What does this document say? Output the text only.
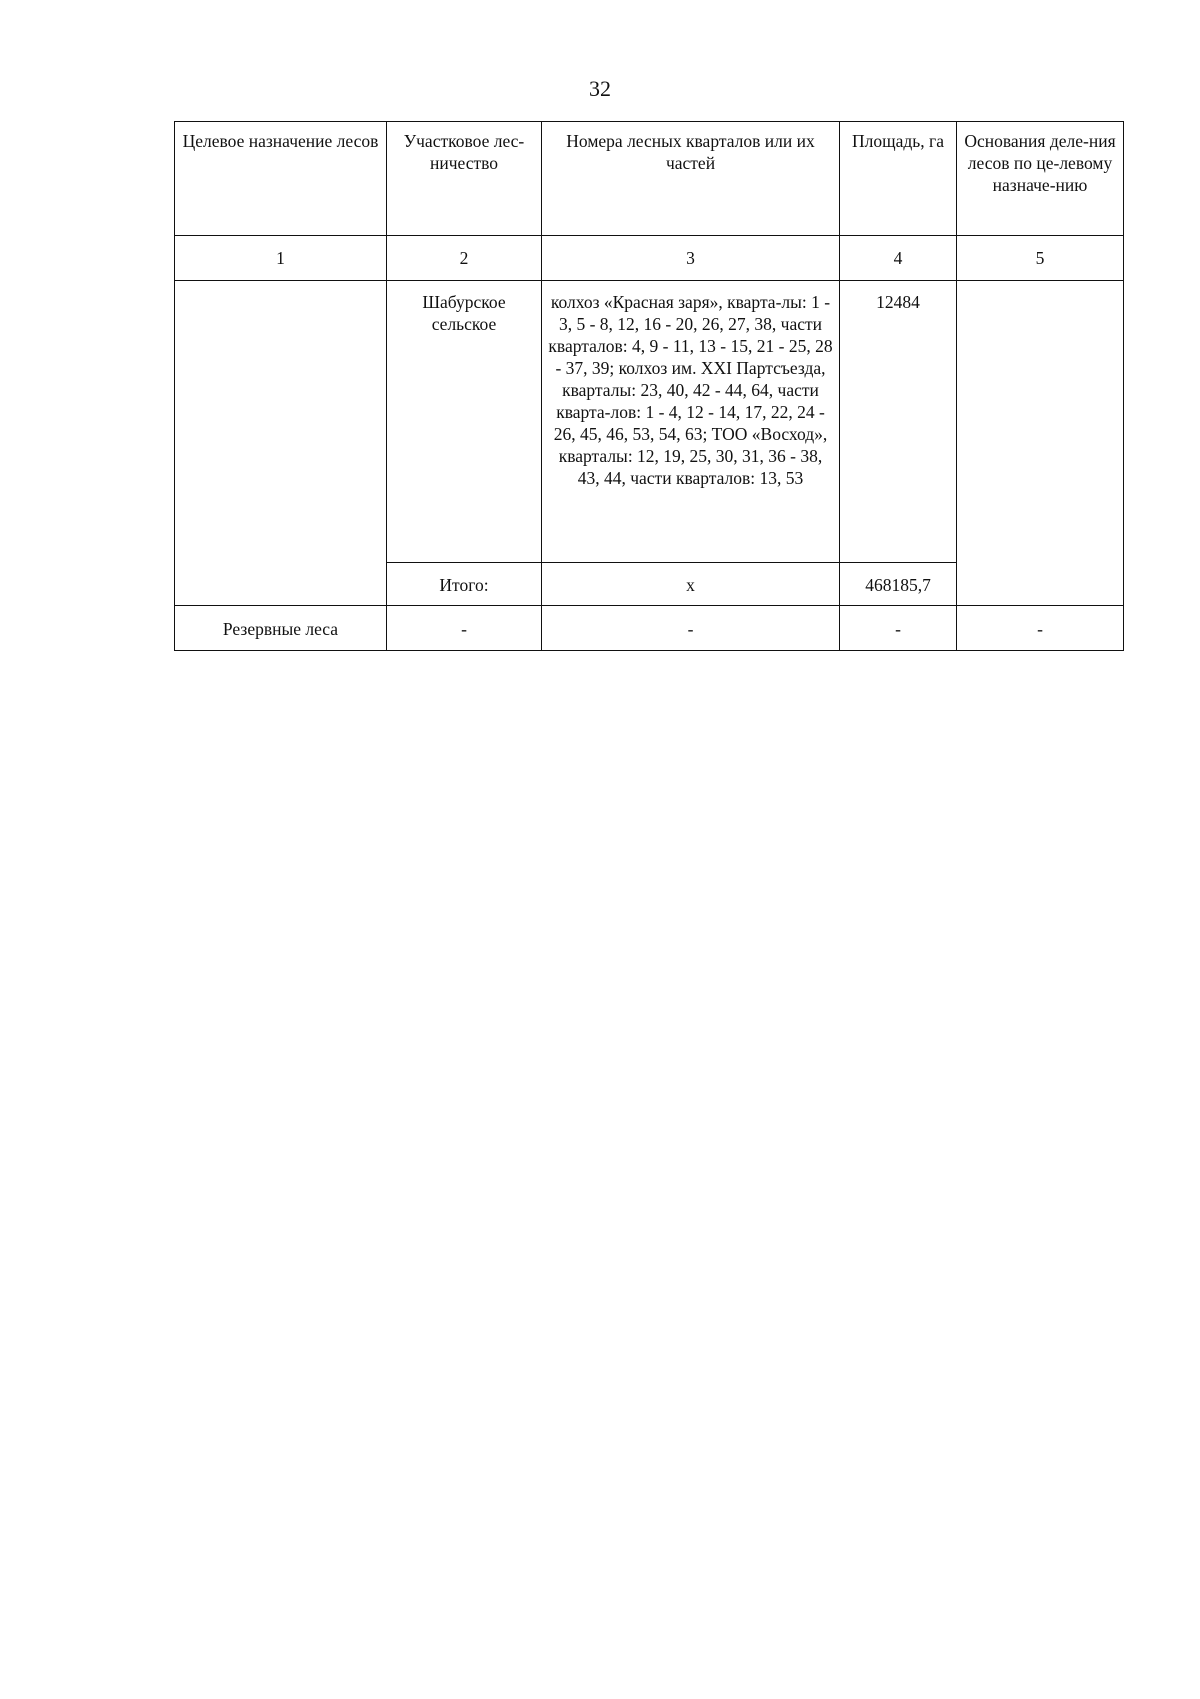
32
Целевое назначение лесов	Участковое лес-ничество	Номера лесных кварталов или их частей	Площадь, га	Основания деле-ния лесов по це-левому назначе-нию
1	2	3	4	5
	Шабурское сельское	колхоз «Красная заря», кварта-лы: 1 - 3, 5 - 8, 12, 16 - 20, 26, 27, 38, части кварталов: 4, 9 - 11, 13 - 15, 21 - 25, 28 - 37, 39; колхоз им. XXI Партсъезда, кварталы: 23, 40, 42 - 44, 64, части кварта-лов: 1 - 4, 12 - 14, 17, 22, 24 - 26, 45, 46, 53, 54, 63; ТОО «Восход», кварталы: 12, 19, 25, 30, 31, 36 - 38, 43, 44, части кварталов: 13, 53	12484	
	Итого:	x	468185,7	
Резервные леса	-	-	-	-
